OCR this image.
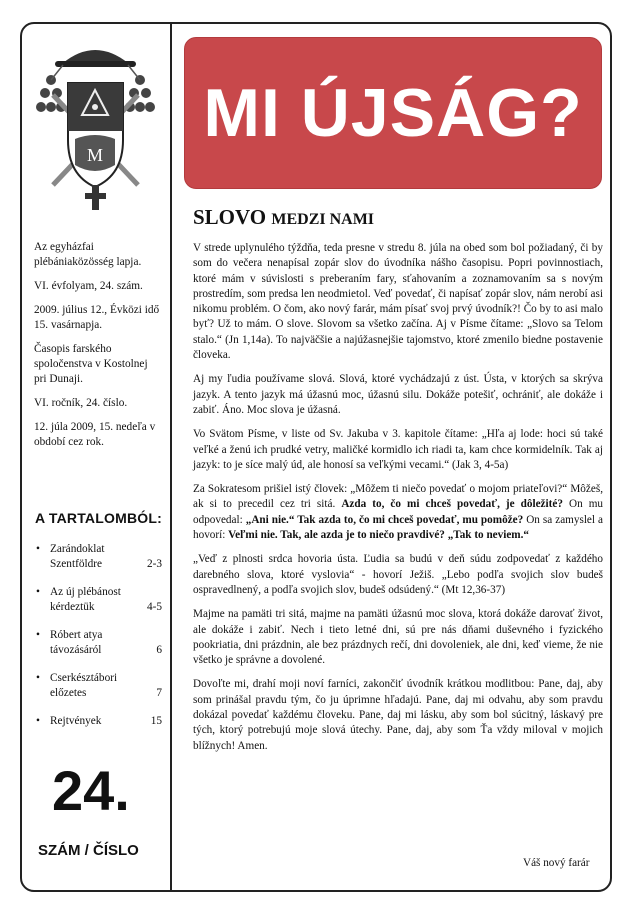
M

Az egyházfai plébániaközösség lapja.

VI. évfolyam, 24. szám.

2009. július 12., Évközi idő 15. vasárnapja.

Časopis farského spoločenstva v Kostolnej pri Dunaji.

VI. ročník, 24. číslo.

12. júla 2009, 15. nedeľa v období cez rok.

A TARTALOMBÓL:
• Zarándoklat Szentföldre	2-3
• Az új plébánost kérdeztük	4-5
• Róbert atya távozásáról	6
• Cserkésztábori előzetes	7
• Rejtvények	15
24.
SZÁM / ČÍSLO
MI ÚJSÁG?
SLOVO MEDZI NAMI

V strede uplynulého týždňa, teda presne v stredu 8. júla na obed som bol požiadaný, či by som do večera nenapísal zopár slov do úvodníka nášho časopisu. Popri povinnostiach, ktoré mám v súvislosti s preberaním fary, sťahovaním a zoznamovaním sa s novým prostredím, som predsa len neodmietol. Veď povedať, či napísať zopár slov, nám nerobí asi nikomu problém. O čom, ako nový farár, mám písať svoj prvý úvodník?! Čo by to asi malo byť? Už to mám. O slove. Slovom sa všetko začína. Aj v Písme čítame: „Slovo sa Telom stalo.“ (Jn 1,14a). To najväčšie a najúžasnejšie tajomstvo, ktoré zmenilo biedne postavenie človeka.

Aj my ľudia používame slová. Slová, ktoré vychádzajú z úst. Ústa, v ktorých sa skrýva jazyk. A tento jazyk má úžasnú moc, úžasnú silu. Dokáže potešiť, ochrániť, ale dokáže i zabiť. Áno. Moc slova je úžasná.

Vo Svätom Písme, v liste od Sv. Jakuba v 3. kapitole čítame: „Hľa aj lode: hoci sú také veľké a ženú ich prudké vetry, maličké kormidlo ich riadi ta, kam chce kormidelník. Tak aj jazyk: to je síce malý úd, ale honosí sa veľkými vecami.“ (Jak 3, 4-5a)

Za Sokratesom prišiel istý človek: „Môžem ti niečo povedať o mojom priateľovi?“ Môžeš, ak si to precedil cez tri sitá. Azda to, čo mi chceš povedať, je dôležité? On mu odpovedal: „Ani nie.“ Tak azda to, čo mi chceš povedať, mu pomôže? On sa zamyslel a hovorí: Veľmi nie. Tak, ale azda je to niečo pravdivé? „Tak to neviem.“

„Veď z plnosti srdca hovoria ústa. Ľudia sa budú v deň súdu zodpovedať z každého darebného slova, ktoré vyslovia“ - hovorí Ježiš. „Lebo podľa svojich slov budeš ospravedlnený, a podľa svojich slov, budeš odsúdený.“ (Mt 12,36-37)

Majme na pamäti tri sitá, majme na pamäti úžasnú moc slova, ktorá dokáže darovať život, ale dokáže i zabiť. Nech i tieto letné dni, sú pre nás dňami duševného i fyzického pookriatia, dni prázdnin, ale bez prázdnych rečí, dni dovoleniek, ale dni, keď vieme, že nie všetko je správne a dovolené.

Dovoľte mi, drahí moji noví farníci, zakončiť úvodník krátkou modlitbou: Pane, daj, aby som prinášal pravdu tým, čo ju úprimne hľadajú. Pane, daj mi odvahu, aby som pravdu dokázal povedať každému človeku. Pane, daj mi lásku, aby som bol súcitný, láskavý pre tých, ktorý potrebujú moje slová útechy. Pane, daj, aby som Ťa vždy miloval v mojich blížnych! Amen.

Váš nový farár
